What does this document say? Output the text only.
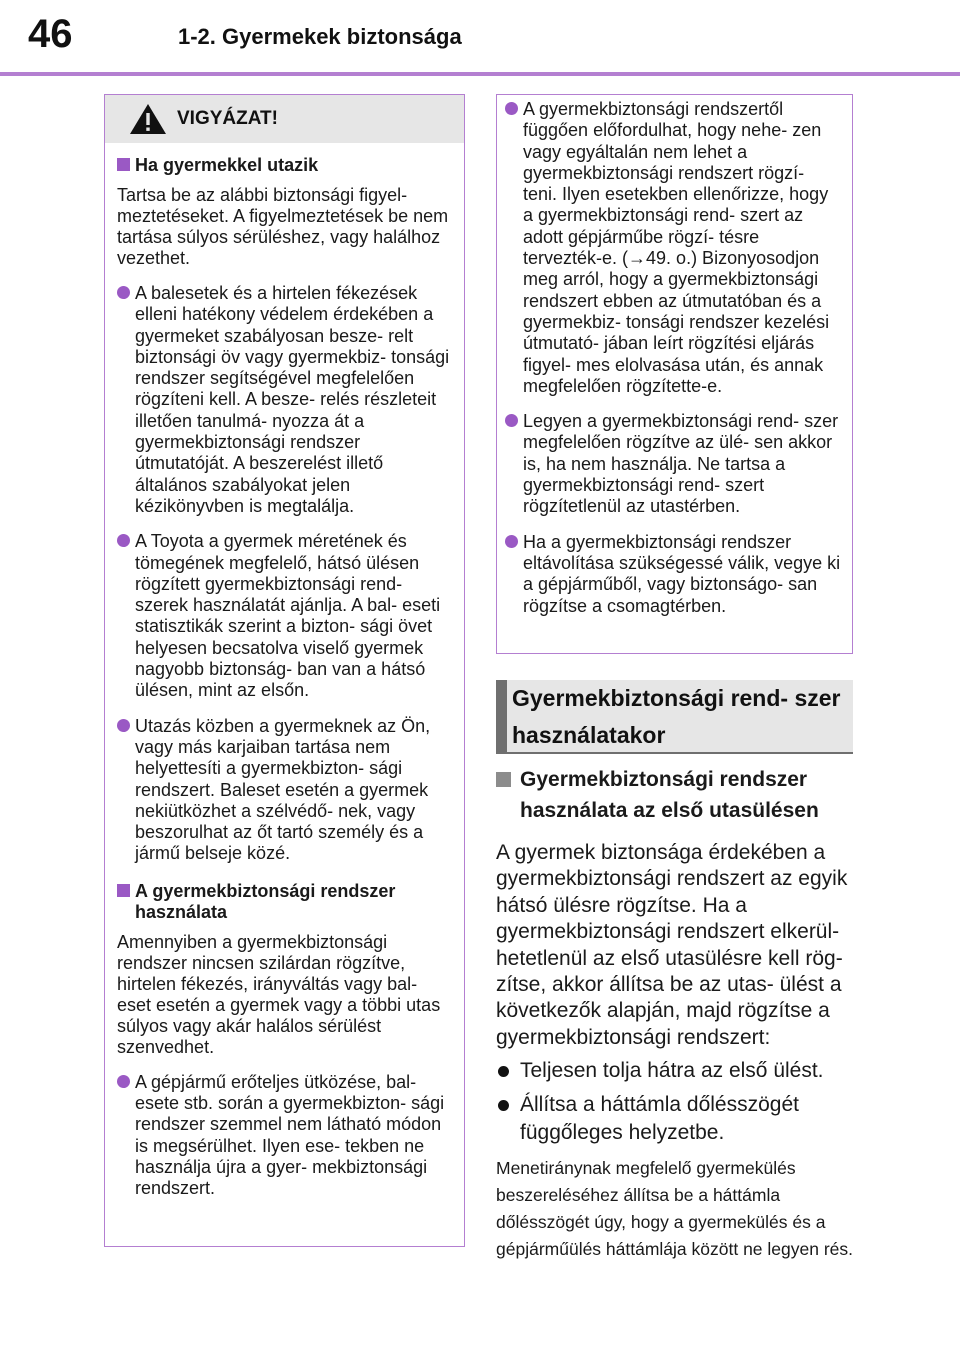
46	1-2. Gyermekek biztonsága
VIGYÁZAT!
Ha gyermekkel utazik
Tartsa be az alábbi biztonsági figyel- meztetéseket. A figyelmeztetések be nem tartása súlyos sérüléshez, vagy halálhoz vezethet.
A balesetek és a hirtelen fékezések elleni hatékony védelem érdekében a gyermeket szabályosan besze- relt biztonsági öv vagy gyermekbiz- tonsági rendszer segítségével megfelelően rögzíteni kell. A besze- relés részleteit illetően tanulmá- nyozza át a gyermekbiztonsági rendszer útmutatóját. A beszerelést illető általános szabályokat jelen kézikönyvben is megtalálja.
A Toyota a gyermek méretének és tömegének megfelelő, hátsó ülésen rögzített gyermekbiztonsági rend- szerek használatát ajánlja. A bal- eseti statisztikák szerint a bizton- sági övet helyesen becsatolva viselő gyermek nagyobb biztonság- ban van a hátsó ülésen, mint az elsőn.
Utazás közben a gyermeknek az Ön, vagy más karjaiban tartása nem helyettesíti a gyermekbizton- sági rendszert. Baleset esetén a gyermek nekiütközhet a szélvédő- nek, vagy beszorulhat az őt tartó személy és a jármű belseje közé.
A gyermekbiztonsági rendszer használata
Amennyiben a gyermekbiztonsági rendszer nincsen szilárdan rögzítve, hirtelen fékezés, irányváltás vagy bal- eset esetén a gyermek vagy a többi utas súlyos vagy akár halálos sérülést szenvedhet.
A gépjármű erőteljes ütközése, bal- esete stb. során a gyermekbizton- sági rendszer szemmel nem látható módon is megsérülhet. Ilyen ese- tekben ne használja újra a gyer- mekbiztonsági rendszert.
A gyermekbiztonsági rendszertől függően előfordulhat, hogy nehe- zen vagy egyáltalán nem lehet a gyermekbiztonsági rendszert rögzí- teni. Ilyen esetekben ellenőrizze, hogy a gyermekbiztonsági rend- szert az adott gépjárműbe rögzí- tésre tervezték-e. (→49. o.) Bizonyosodjon meg arról, hogy a gyermekbiztonsági rendszert ebben az útmutatóban és a gyermekbiz- tonsági rendszer kezelési útmutató- jában leírt rögzítési eljárás figyel- mes elolvasása után, és annak megfelelően rögzítette-e.
Legyen a gyermekbiztonsági rend- szer megfelelően rögzítve az ülé- sen akkor is, ha nem használja. Ne tartsa a gyermekbiztonsági rend- szert rögzítetlenül az utastérben.
Ha a gyermekbiztonsági rendszer eltávolítása szükségessé válik, vegye ki a gépjárműből, vagy biztonságo- san rögzítse a csomagtérben.
Gyermekbiztonsági rend- szer használatakor
Gyermekbiztonsági rendszer használata az első utasülésen
A gyermek biztonsága érdekében a gyermekbiztonsági rendszert az egyik hátsó ülésre rögzítse. Ha a gyermekbiztonsági rendszert elkerül- hetetlenül az első utasülésre kell rög- zítse, akkor állítsa be az utas- ülést a következők alapján, majd rögzítse a gyermekbiztonsági rendszert:
Teljesen tolja hátra az első ülést.
Állítsa a háttámla dőlésszögét függőleges helyzetbe.
Menetiránynak megfelelő gyermekülés beszereléséhez állítsa be a háttámla dőlésszögét úgy, hogy a gyermekülés és a gépjárműülés háttámlája között ne legyen rés.
